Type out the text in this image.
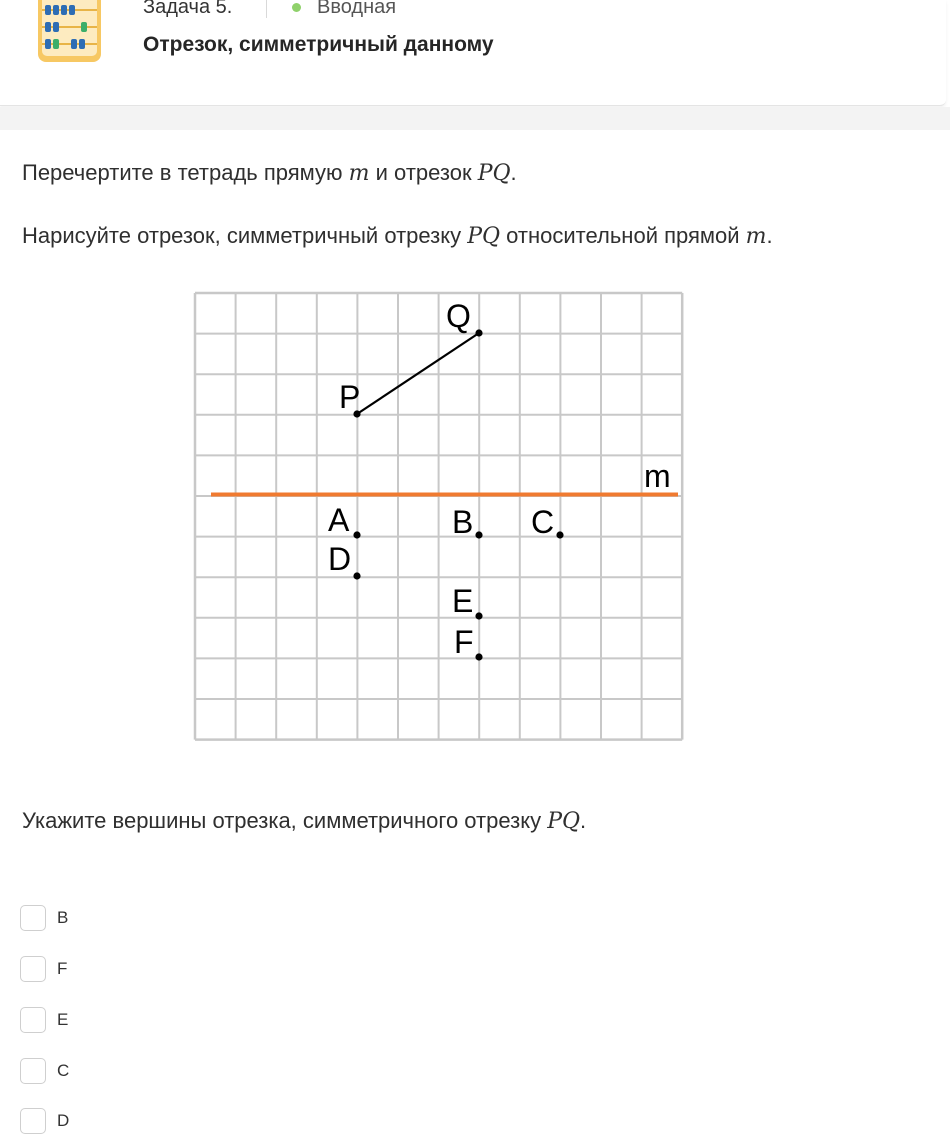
Задача 5.	Вводная
Отрезок, симметричный данному
Перечертите в тетрадь прямую m и отрезок PQ.
Нарисуйте отрезок, симметричный отрезку PQ относительной прямой m.
m
Q
P
A	B C
D
E
F
Укажите вершины отрезка, симметричного отрезку PQ.
B
F
E
C
D
